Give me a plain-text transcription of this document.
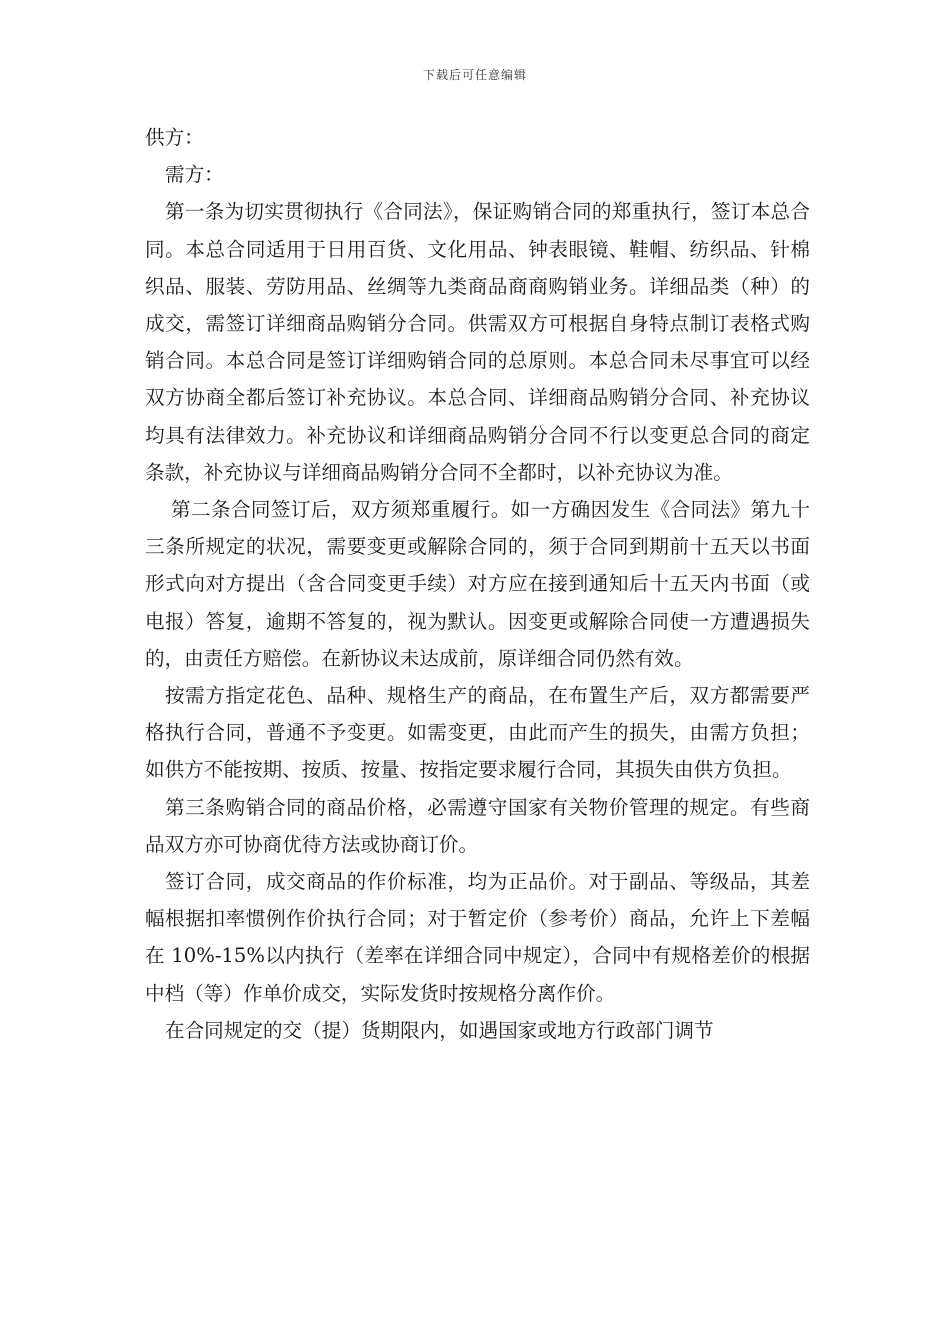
下载后可任意编辑

供方：

需方：

第一条为切实贯彻执行《合同法》，保证购销合同的郑重执行，签订本总合同。本总合同适用于日用百货、文化用品、钟表眼镜、鞋帽、纺织品、针棉织品、服装、劳防用品、丝绸等九类商品商商购销业务。详细品类（种）的成交，需签订详细商品购销分合同。供需双方可根据自身特点制订表格式购销合同。本总合同是签订详细购销合同的总原则。本总合同未尽事宜可以经双方协商全都后签订补充协议。本总合同、详细商品购销分合同、补充协议均具有法律效力。补充协议和详细商品购销分合同不行以变更总合同的商定条款，补充协议与详细商品购销分合同不全都时，以补充协议为准。

第二条合同签订后，双方须郑重履行。如一方确因发生《合同法》第九十三条所规定的状况，需要变更或解除合同的，须于合同到期前十五天以书面形式向对方提出（含合同变更手续）对方应在接到通知后十五天内书面（或电报）答复，逾期不答复的，视为默认。因变更或解除合同使一方遭遇损失的，由责任方赔偿。在新协议未达成前，原详细合同仍然有效。

按需方指定花色、品种、规格生产的商品，在布置生产后，双方都需要严格执行合同，普通不予变更。如需变更，由此而产生的损失，由需方负担；如供方不能按期、按质、按量、按指定要求履行合同，其损失由供方负担。

第三条购销合同的商品价格，必需遵守国家有关物价管理的规定。有些商品双方亦可协商优待方法或协商订价。

签订合同，成交商品的作价标准，均为正品价。对于副品、等级品，其差幅根据扣率惯例作价执行合同；对于暂定价（参考价）商品，允许上下差幅在 10%-15%以内执行（差率在详细合同中规定），合同中有规格差价的根据中档（等）作单价成交，实际发货时按规格分离作价。

在合同规定的交（提）货期限内，如遇国家或地方行政部门调节
